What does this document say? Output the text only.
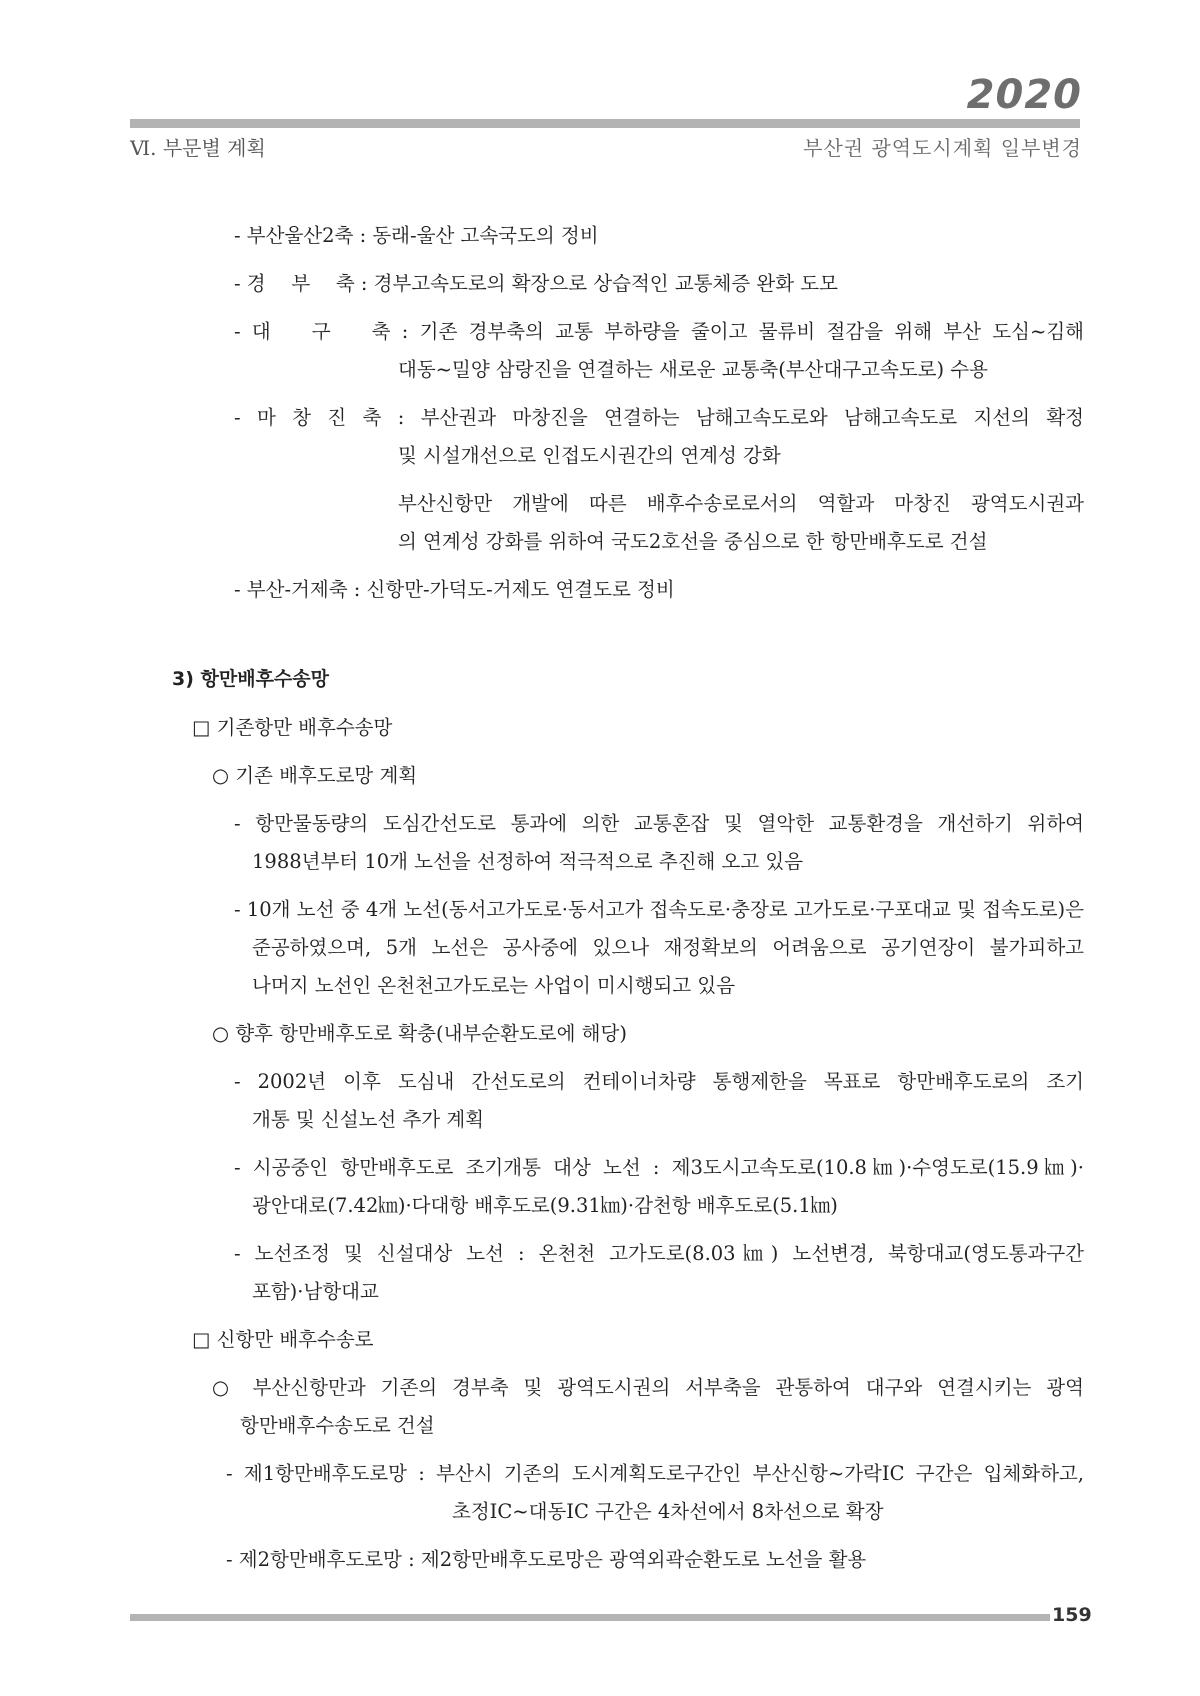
2020
Ⅵ. 부문별 계획	부산권 광역도시계획 일부변경
- 부산울산2축 : 동래-울산 고속국도의 정비
- 경　 부　 축 : 경부고속도로의 확장으로 상습적인 교통체증 완화 도모
- 대　 구　 축 : 기존 경부축의 교통 부하량을 줄이고 물류비 절감을 위해 부산 도심~김해
대동~밀양 삼랑진을 연결하는 새로운 교통축(부산대구고속도로) 수용
- 마 창 진 축 : 부산권과 마창진을 연결하는 남해고속도로와 남해고속도로 지선의 확정
및 시설개선으로 인접도시권간의 연계성 강화
부산신항만 개발에 따른 배후수송로로서의 역할과 마창진 광역도시권과
의 연계성 강화를 위하여 국도2호선을 중심으로 한 항만배후도로 건설
- 부산-거제축 : 신항만-가덕도-거제도 연결도로 정비
3) 항만배후수송망
□ 기존항만 배후수송망
○ 기존 배후도로망 계획
- 항만물동량의 도심간선도로 통과에 의한 교통혼잡 및 열악한 교통환경을 개선하기 위하여
1988년부터 10개 노선을 선정하여 적극적으로 추진해 오고 있음
- 10개 노선 중 4개 노선(동서고가도로·동서고가 접속도로·충장로 고가도로·구포대교 및 접속도로)은
준공하였으며, 5개 노선은 공사중에 있으나 재정확보의 어려움으로 공기연장이 불가피하고
나머지 노선인 온천천고가도로는 사업이 미시행되고 있음
○ 향후 항만배후도로 확충(내부순환도로에 해당)
- 2002년 이후 도심내 간선도로의 컨테이너차량 통행제한을 목표로 항만배후도로의 조기
개통 및 신설노선 추가 계획
- 시공중인 항만배후도로 조기개통 대상 노선 : 제3도시고속도로(10.8㎞)·수영도로(15.9㎞)·
광안대로(7.42㎞)·다대항 배후도로(9.31㎞)·감천항 배후도로(5.1㎞)
- 노선조정 및 신설대상 노선 : 온천천 고가도로(8.03㎞) 노선변경, 북항대교(영도통과구간
포함)·남항대교
□ 신항만 배후수송로
○ 부산신항만과 기존의 경부축 및 광역도시권의 서부축을 관통하여 대구와 연결시키는 광역
항만배후수송도로 건설
- 제1항만배후도로망 : 부산시 기존의 도시계획도로구간인 부산신항~가락IC 구간은 입체화하고,
초정IC~대동IC 구간은 4차선에서 8차선으로 확장
- 제2항만배후도로망 : 제2항만배후도로망은 광역외곽순환도로 노선을 활용
159
